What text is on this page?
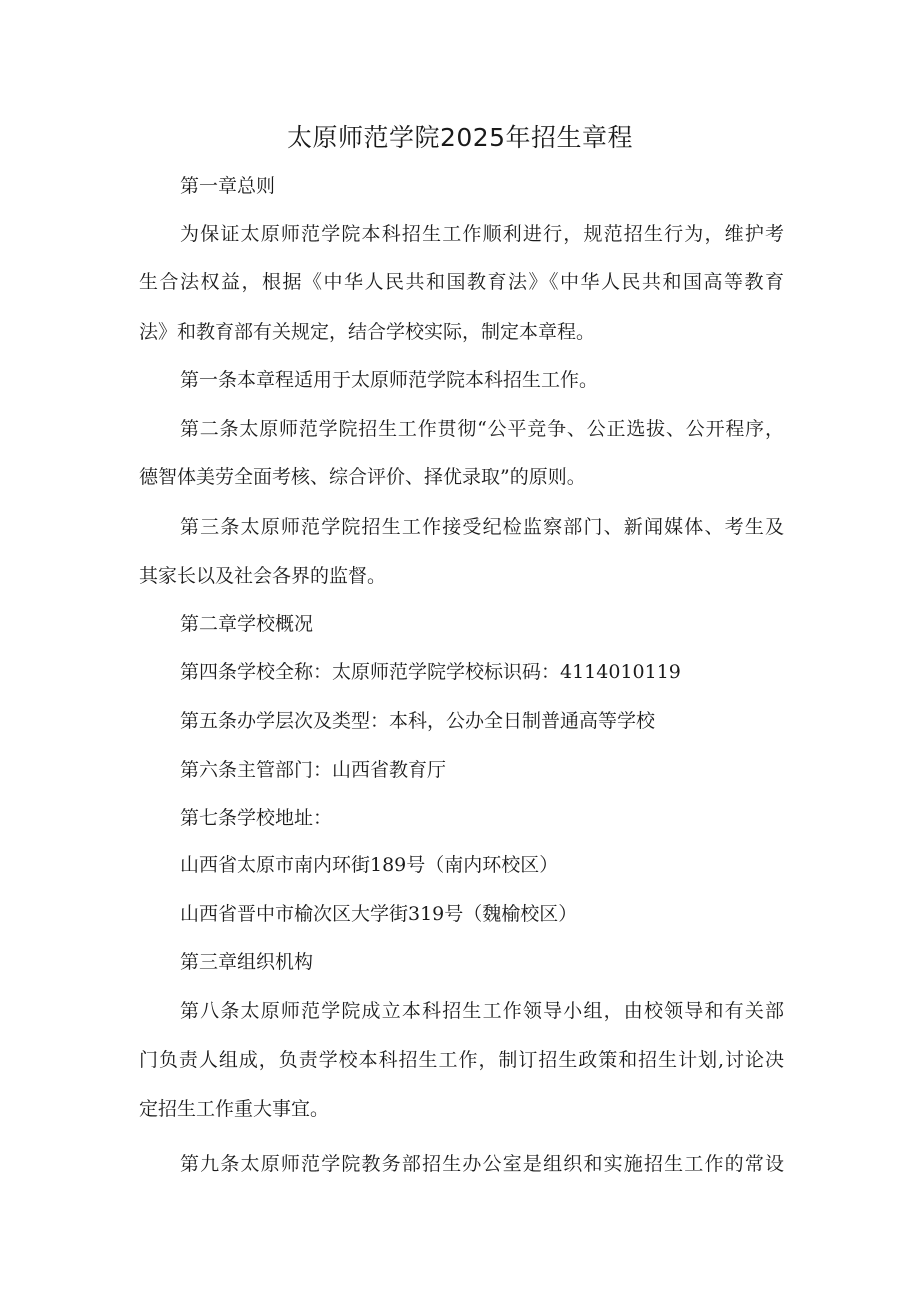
太原师范学院2025年招生章程
第一章总则
为保证太原师范学院本科招生工作顺利进行，规范招生行为，维护考
生合法权益，根据《中华人民共和国教育法》《中华人民共和国高等教育
法》和教育部有关规定，结合学校实际，制定本章程。
第一条本章程适用于太原师范学院本科招生工作。
第二条太原师范学院招生工作贯彻“公平竞争、公正选拔、公开程序，
德智体美劳全面考核、综合评价、择优录取”的原则。
第三条太原师范学院招生工作接受纪检监察部门、新闻媒体、考生及
其家长以及社会各界的监督。
第二章学校概况
第四条学校全称：太原师范学院学校标识码：4114010119
第五条办学层次及类型：本科，公办全日制普通高等学校
第六条主管部门：山西省教育厅
第七条学校地址：
山西省太原市南内环街189号（南内环校区）
山西省晋中市榆次区大学街319号（魏榆校区）
第三章组织机构
第八条太原师范学院成立本科招生工作领导小组，由校领导和有关部
门负责人组成，负责学校本科招生工作，制订招生政策和招生计划,讨论决
定招生工作重大事宜。
第九条太原师范学院教务部招生办公室是组织和实施招生工作的常设
